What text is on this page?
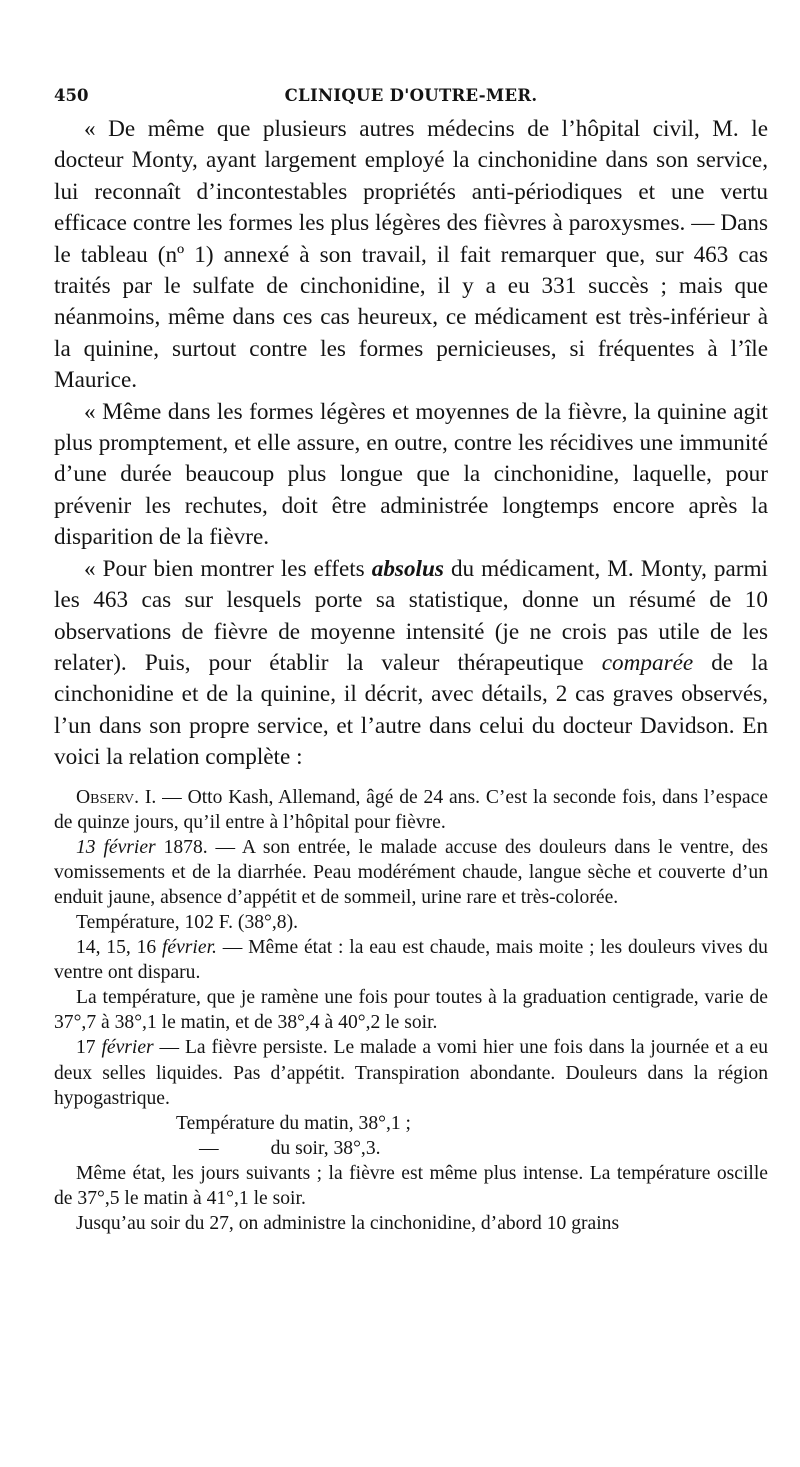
450	CLINIQUE D'OUTRE-MER.

« De même que plusieurs autres médecins de l’hôpital civil, M. le docteur Monty, ayant largement employé la cinchonidine dans son service, lui reconnaît d’incontestables propriétés anti-périodiques et une vertu efficace contre les formes les plus légères des fièvres à paroxysmes. — Dans le tableau (nº 1) annexé à son travail, il fait remarquer que, sur 463 cas traités par le sulfate de cinchonidine, il y a eu 331 succès ; mais que néanmoins, même dans ces cas heureux, ce médicament est très-inférieur à la quinine, surtout contre les formes pernicieuses, si fréquentes à l’île Maurice.

« Même dans les formes légères et moyennes de la fièvre, la quinine agit plus promptement, et elle assure, en outre, contre les récidives une immunité d’une durée beaucoup plus longue que la cinchonidine, laquelle, pour prévenir les rechutes, doit être administrée longtemps encore après la disparition de la fièvre.

« Pour bien montrer les effets absolus du médicament, M. Monty, parmi les 463 cas sur lesquels porte sa statistique, donne un résumé de 10 observations de fièvre de moyenne intensité (je ne crois pas utile de les relater). Puis, pour établir la valeur thérapeutique comparée de la cinchonidine et de la quinine, il décrit, avec détails, 2 cas graves observés, l’un dans son propre service, et l’autre dans celui du docteur Davidson. En voici la relation complète :

Observ. I. — Otto Kash, Allemand, âgé de 24 ans. C’est la seconde fois, dans l’espace de quinze jours, qu’il entre à l’hôpital pour fièvre.

13 février 1878. — A son entrée, le malade accuse des douleurs dans le ventre, des vomissements et de la diarrhée. Peau modérément chaude, langue sèche et couverte d’un enduit jaune, absence d’appétit et de sommeil, urine rare et très-colorée.

Température, 102 F. (38°,8).

14, 15, 16 février. — Même état : la eau est chaude, mais moite ; les douleurs vives du ventre ont disparu.

La température, que je ramène une fois pour toutes à la graduation centigrade, varie de 37°,7 à 38°,1 le matin, et de 38°,4 à 40°,2 le soir.

17 février — La fièvre persiste. Le malade a vomi hier une fois dans la journée et a eu deux selles liquides. Pas d’appétit. Transpiration abondante. Douleurs dans la région hypogastrique.

Température du matin, 38°,1 ;

—	du soir, 38°,3.

Même état, les jours suivants ; la fièvre est même plus intense. La température oscille de 37°,5 le matin à 41°,1 le soir.

Jusqu’au soir du 27, on administre la cinchonidine, d’abord 10 grains
